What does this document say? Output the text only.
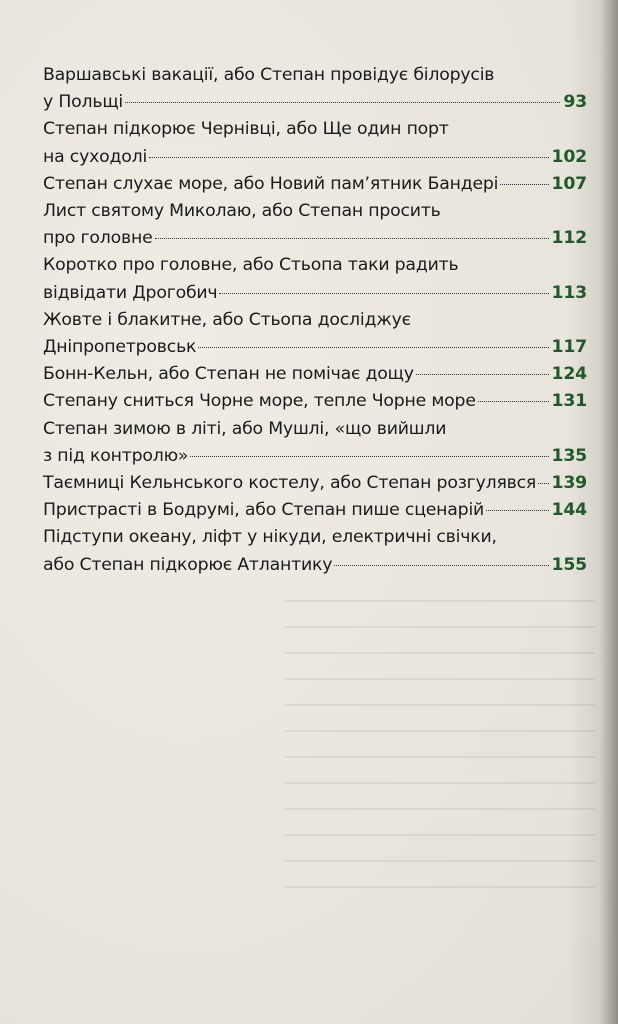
Варшавські вакації, або Степан провідує білорусів
у Польщі	93
Степан підкорює Чернівці, або Ще один порт
на суходолі	102
Степан слухає море, або Новий пам’ятник Бандері	107
Лист святому Миколаю, або Степан просить
про головне	112
Коротко про головне, або Стьопа таки радить
відвідати Дрогобич	113
Жовте і блакитне, або Стьопа досліджує
Дніпропетровськ	117
Бонн-Кельн, або Степан не помічає дощу	124
Степану сниться Чорне море, тепле Чорне море	131
Степан зимою в літі, або Мушлі, «що вийшли
з під контролю»	135
Таємниці Кельнського костелу, або Степан розгулявся 139
Пристрасті в Бодрумі, або Степан пише сценарій	144
Підступи океану, ліфт у нікуди, електричні свічки,
або Степан підкорює Атлантику	155
